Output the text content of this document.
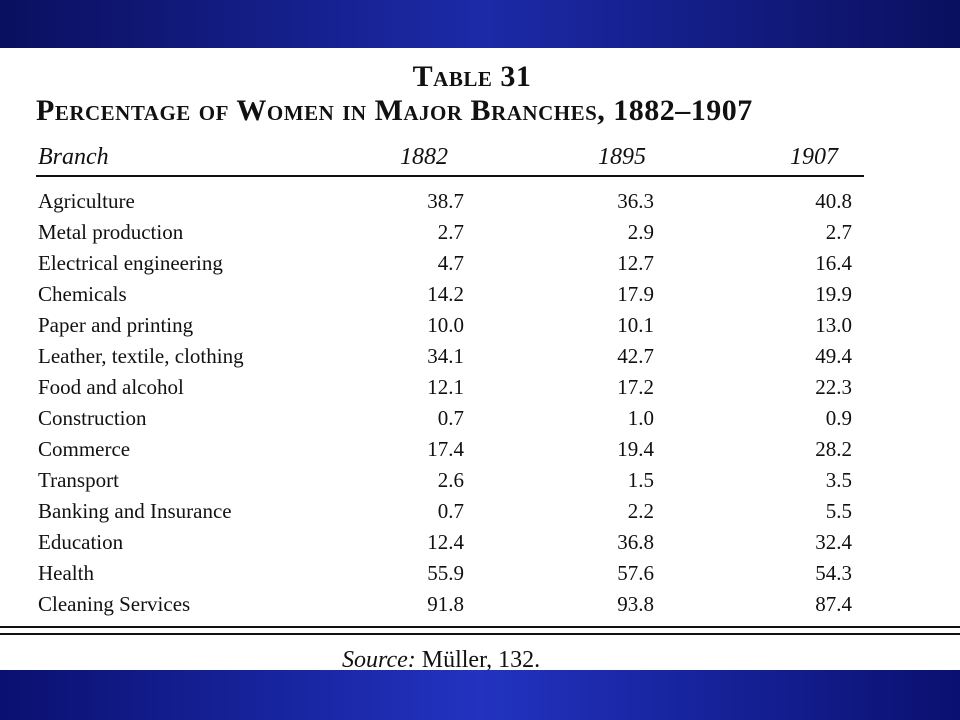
Table 31
Percentage of Women in Major Branches, 1882–1907
Branch	1882	1895	1907
Agriculture	38.7	36.3	40.8
Metal production	2.7	2.9	2.7
Electrical engineering	4.7	12.7	16.4
Chemicals	14.2	17.9	19.9
Paper and printing	10.0	10.1	13.0
Leather, textile, clothing	34.1	42.7	49.4
Food and alcohol	12.1	17.2	22.3
Construction	0.7	1.0	0.9
Commerce	17.4	19.4	28.2
Transport	2.6	1.5	3.5
Banking and Insurance	0.7	2.2	5.5
Education	12.4	36.8	32.4
Health	55.9	57.6	54.3
Cleaning Services	91.8	93.8	87.4
Source: Müller, 132.
